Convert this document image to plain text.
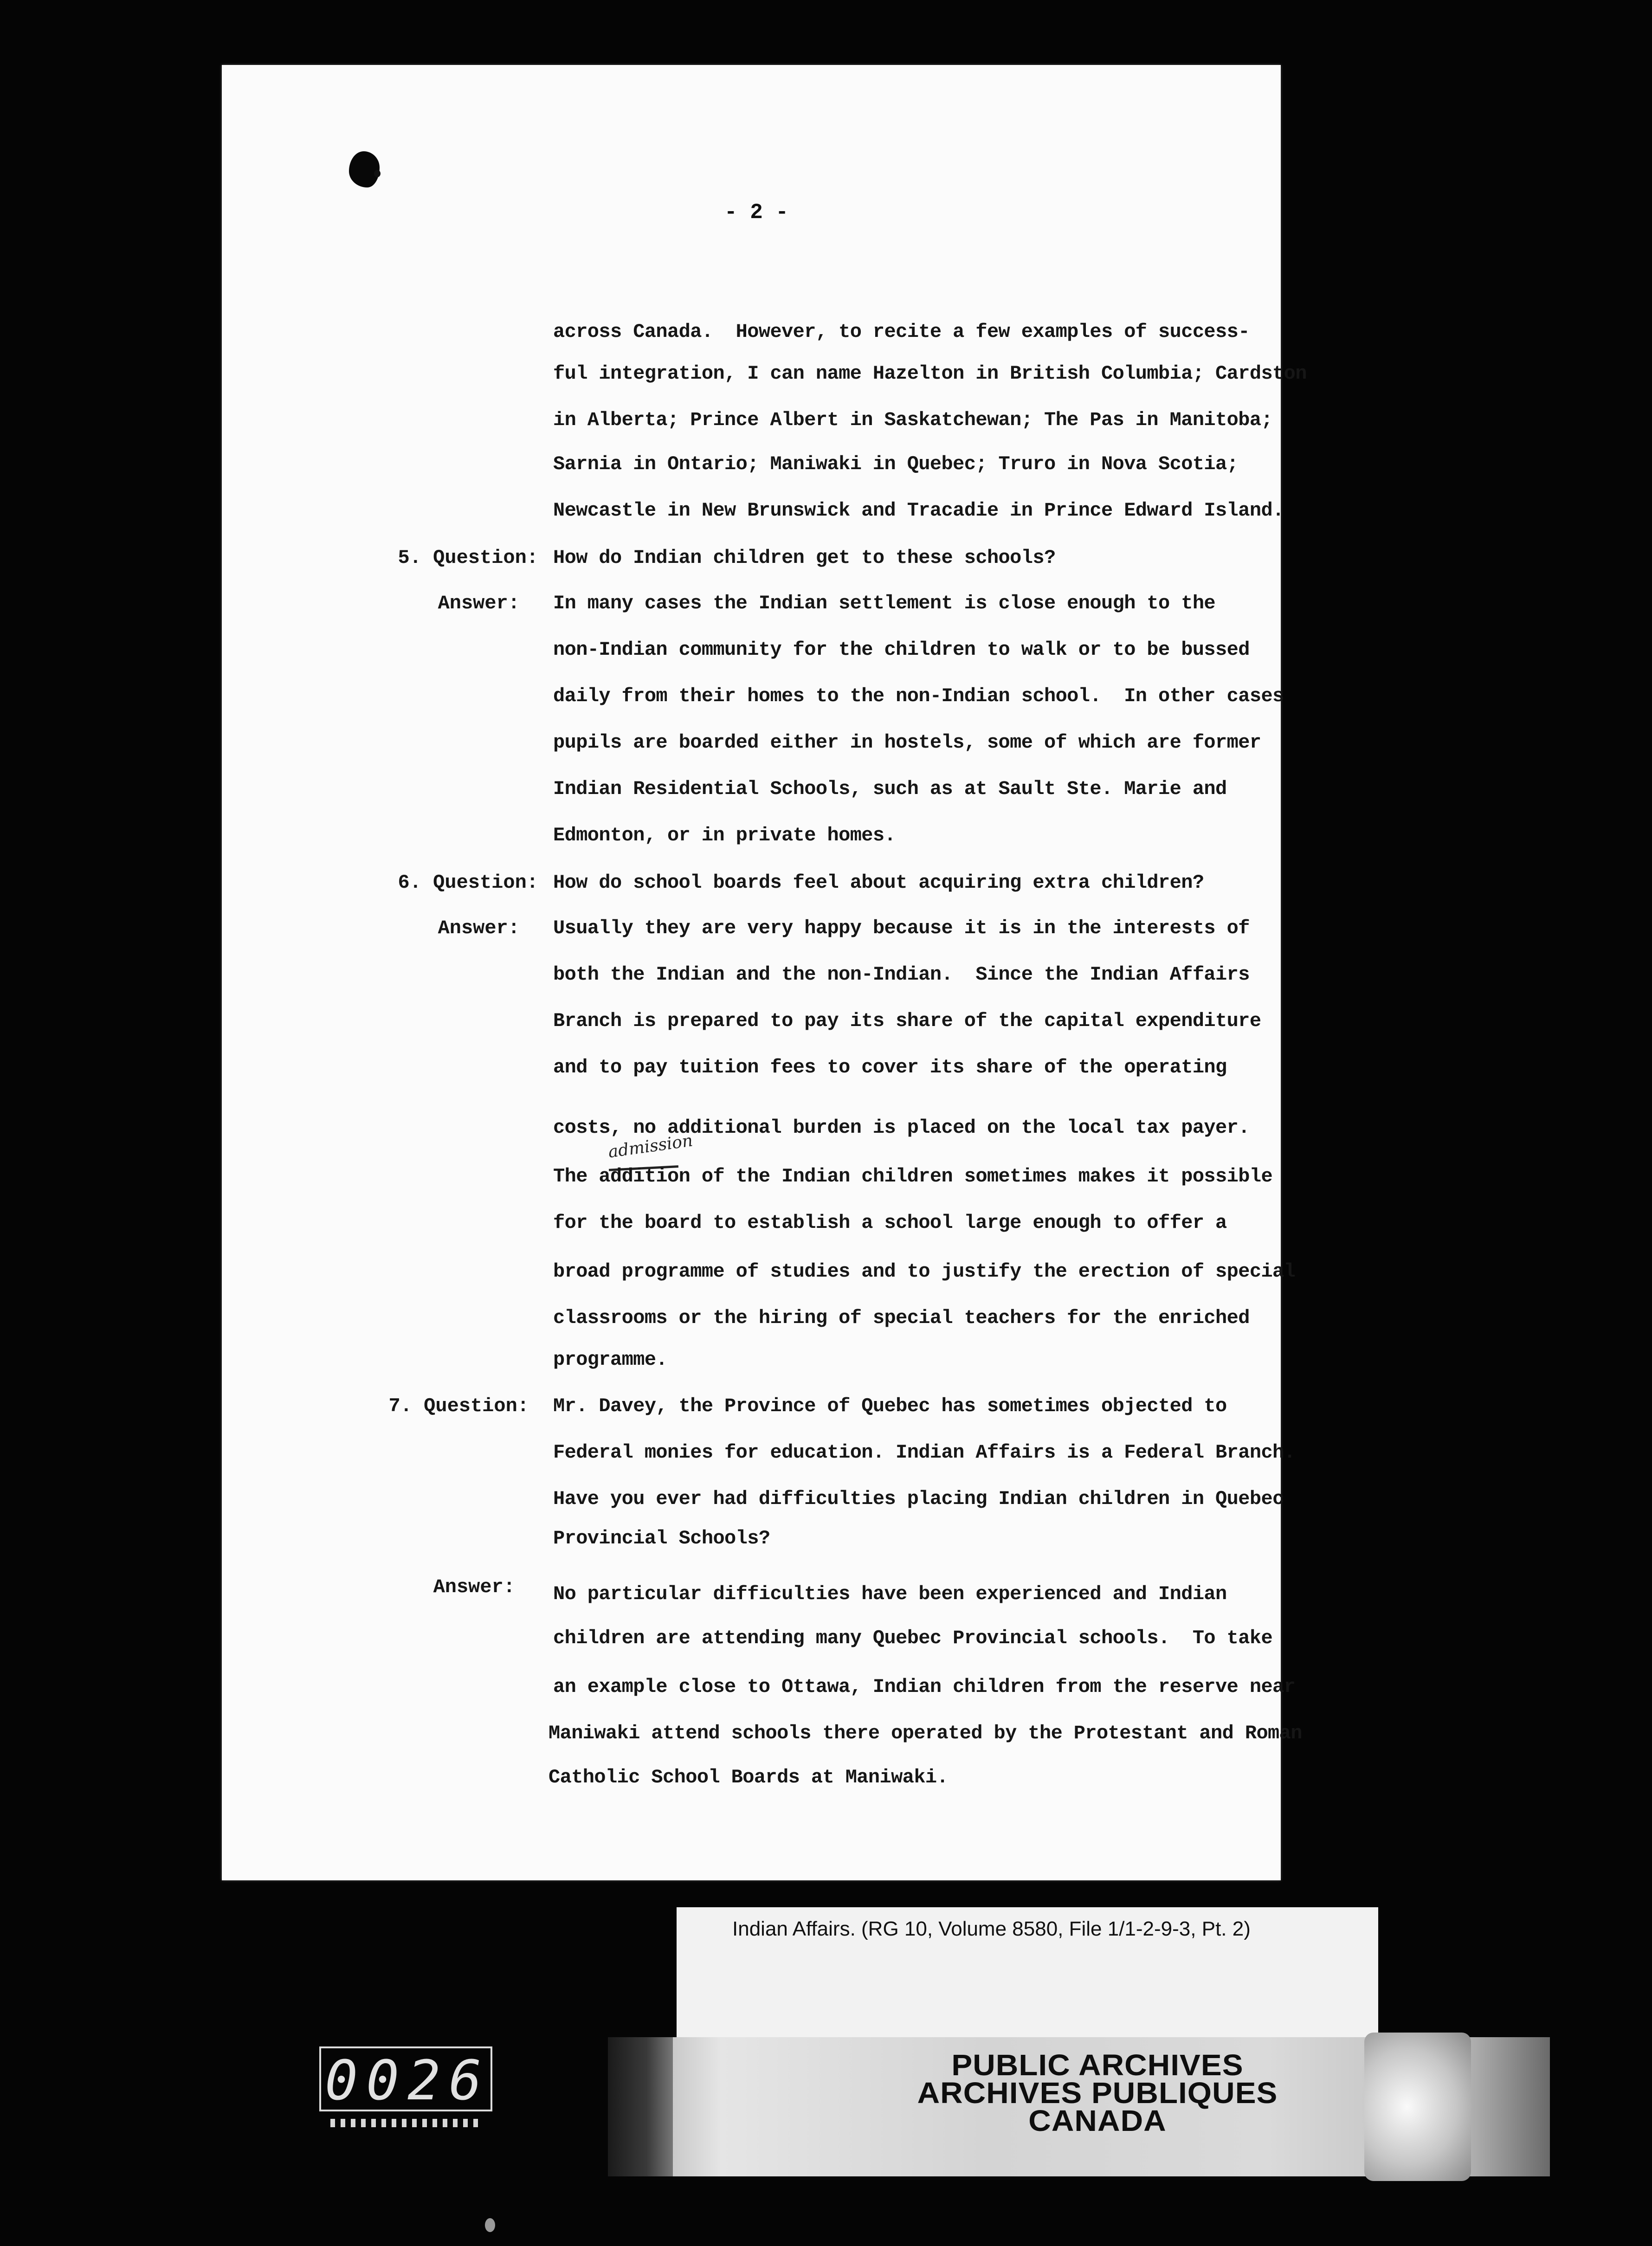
- 2 -
across Canada.  However, to recite a few examples of success-
ful integration, I can name Hazelton in British Columbia; Cardston
in Alberta; Prince Albert in Saskatchewan; The Pas in Manitoba;
Sarnia in Ontario; Maniwaki in Quebec; Truro in Nova Scotia;
Newcastle in New Brunswick and Tracadie in Prince Edward Island.
5. Question: How do Indian children get to these schools?
Answer: In many cases the Indian settlement is close enough to the
non-Indian community for the children to walk or to be bussed
daily from their homes to the non-Indian school.  In other cases
pupils are boarded either in hostels, some of which are former
Indian Residential Schools, such as at Sault Ste. Marie and
Edmonton, or in private homes.
6. Question: How do school boards feel about acquiring extra children?
Answer: Usually they are very happy because it is in the interests of
both the Indian and the non-Indian.  Since the Indian Affairs
Branch is prepared to pay its share of the capital expenditure
and to pay tuition fees to cover its share of the operating
costs, no additional burden is placed on the local tax payer.
admission
The addition of the Indian children sometimes makes it possible
for the board to establish a school large enough to offer a
broad programme of studies and to justify the erection of special
classrooms or the hiring of special teachers for the enriched
programme.
7. Question: Mr. Davey, the Province of Quebec has sometimes objected to
Federal monies for education. Indian Affairs is a Federal Branch.
Have you ever had difficulties placing Indian children in Quebec
Provincial Schools?
Answer: No particular difficulties have been experienced and Indian
children are attending many Quebec Provincial schools.  To take
an example close to Ottawa, Indian children from the reserve near
Maniwaki attend schools there operated by the Protestant and Roman
Catholic School Boards at Maniwaki.
Indian Affairs. (RG 10, Volume 8580, File 1/1-2-9-3, Pt. 2)
PUBLIC ARCHIVES
ARCHIVES PUBLIQUES
CANADA
0026
